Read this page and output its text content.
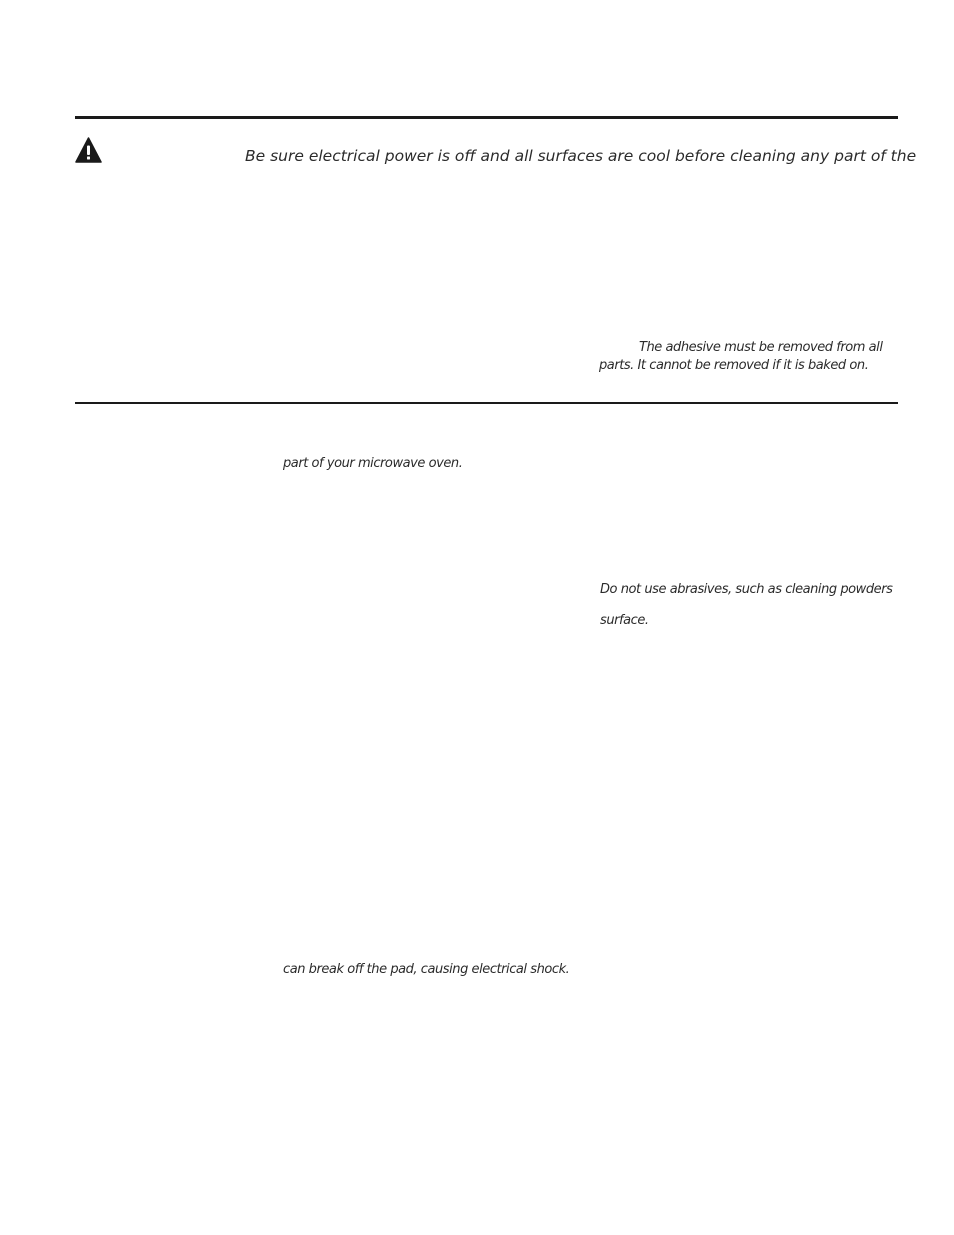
Be sure electrical power is off and all surfaces are cool before cleaning any part of the
The adhesive must be removed from all
parts. It cannot be removed if it is baked on.
part of your microwave oven.
Do not use abrasives, such as cleaning powders
surface.
can break off the pad, causing electrical shock.
